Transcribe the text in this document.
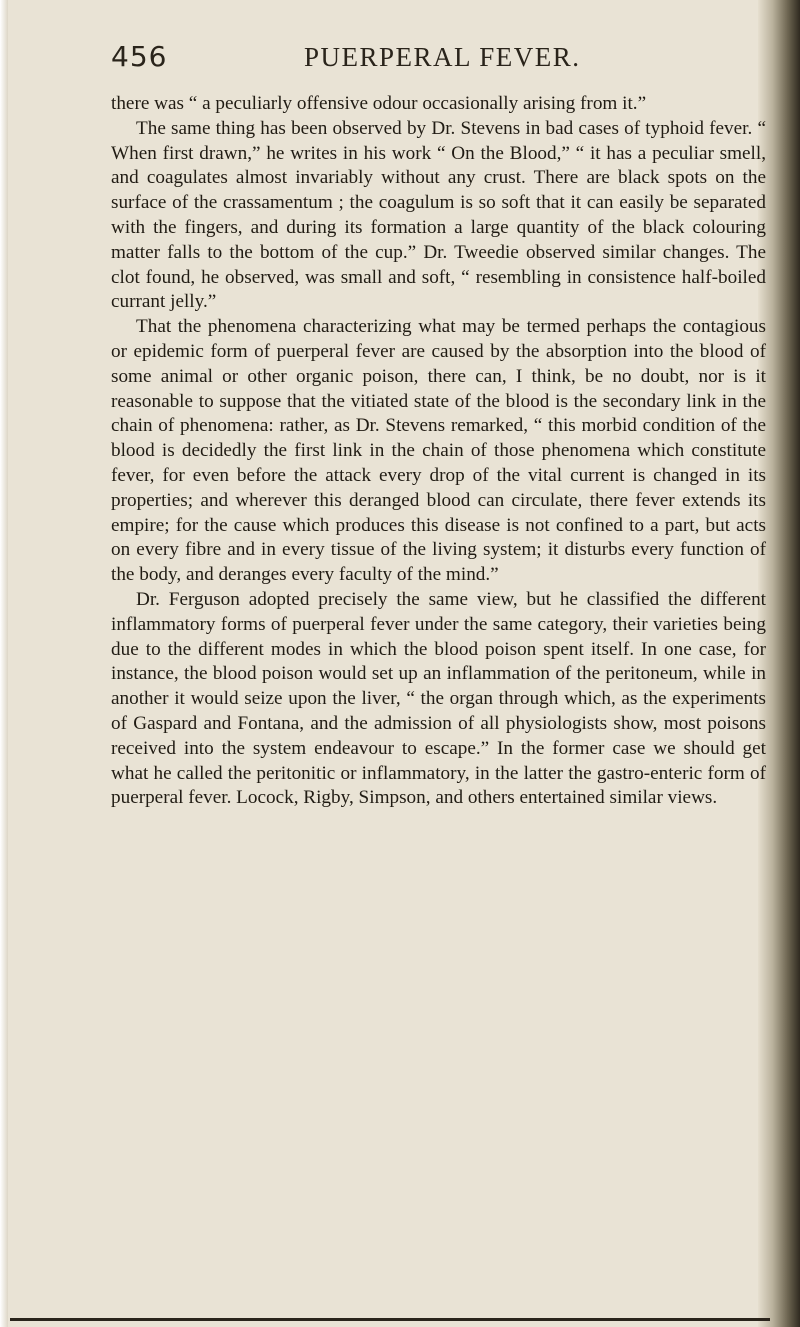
456	PUERPERAL FEVER.

there was “ a peculiarly offensive odour occasionally arising from it.”

The same thing has been observed by Dr. Stevens in bad cases of typhoid fever. “ When first drawn,” he writes in his work “ On the Blood,” “ it has a peculiar smell, and coagulates almost invariably without any crust. There are black spots on the surface of the crassamentum ; the coagulum is so soft that it can easily be separated with the fingers, and during its formation a large quantity of the black colouring matter falls to the bottom of the cup.” Dr. Tweedie observed similar changes. The clot found, he observed, was small and soft, “ resembling in consistence half-boiled currant jelly.”

That the phenomena characterizing what may be termed perhaps the contagious or epidemic form of puerperal fever are caused by the absorption into the blood of some animal or other organic poison, there can, I think, be no doubt, nor is it reasonable to suppose that the vitiated state of the blood is the secondary link in the chain of phenomena: rather, as Dr. Stevens remarked, “ this morbid condition of the blood is decidedly the first link in the chain of those phenomena which constitute fever, for even before the attack every drop of the vital current is changed in its properties; and wherever this deranged blood can circulate, there fever extends its empire; for the cause which produces this disease is not confined to a part, but acts on every fibre and in every tissue of the living system; it disturbs every function of the body, and deranges every faculty of the mind.”

Dr. Ferguson adopted precisely the same view, but he classified the different inflammatory forms of puerperal fever under the same category, their varieties being due to the different modes in which the blood poison spent itself. In one case, for instance, the blood poison would set up an inflammation of the peritoneum, while in another it would seize upon the liver, “ the organ through which, as the experiments of Gaspard and Fontana, and the admission of all physiologists show, most poisons received into the system endeavour to escape.” In the former case we should get what he called the peritonitic or inflammatory, in the latter the gastro-enteric form of puerperal fever. Locock, Rigby, Simpson, and others entertained similar views.
